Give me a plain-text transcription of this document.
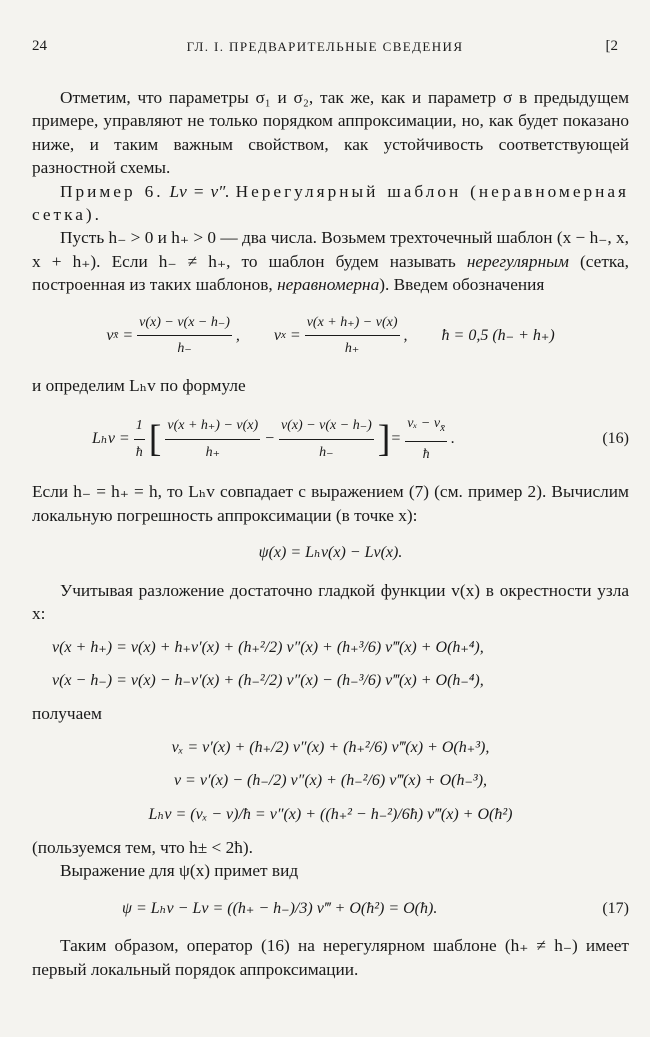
24	ГЛ. I. ПРЕДВАРИТЕЛЬНЫЕ СВЕДЕНИЯ	[2

Отметим, что параметры σ₁ и σ₂, так же, как и параметр σ в предыдущем примере, управляют не только порядком аппроксимации, но, как будет показано ниже, и таким важным свойством, как устойчивость соответствующей разностной схемы.

Пример 6. Lv = v″. Нерегулярный шаблон (неравномерная сетка).

Пусть h₋ > 0 и h₊ > 0 — два числа. Возьмем трехточечный шаблон (x − h₋, x, x + h₊). Если h₋ ≠ h₊, то шаблон будем называть нерегулярным (сетка, построенная из таких шаблонов, неравномерна). Введем обозначения

v x̄ = $\frac{v(x) - v(x - h_-)}{h_-}$ , v $x = \frac{v(x + h_+) - v(x)}{h_+}$ , ħ = 0,5 (h₋ + h₊)

и определим Lₕv по формуле

$L_hv = \frac{1}{ħ}$ [ $\frac{v(x + h_+) - v(x)}{h_+} - \frac{v(x) - v(x - h_-)}{h_-}$ ] = $\frac{v_x - v_{x̄}}{ħ}$ .	(16)

Если h₋ = h₊ = h, то Lₕv совпадает с выражением (7) (см. пример 2). Вычислим локальную погрешность аппроксимации (в точке x):

ψ(x) = Lₕv(x) − Lv(x).

Учитывая разложение достаточно гладкой функции v(x) в окрестности узла x:

v(x + h₊) = v(x) + h₊v′(x) + (h₊²/2) v″(x) + (h₊³/6) v‴(x) + O(h₊⁴),
v(x − h₋) = v(x) − h₋v′(x) + (h₋²/2) v″(x) − (h₋³/6) v‴(x) + O(h₋⁴),

получаем

vₓ = v′(x) + (h₊/2) v″(x) + (h₊²/6) v‴(x) + O(h₊³),
v = v′(x) − (h₋/2) v″(x) + (h₋²/6) v‴(x) + O(h₋³),
Lₕv = (vₓ − v)/ħ = v″(x) + ((h₊² − h₋²)/6ħ) v‴(x) + O(ħ²)

(пользуемся тем, что h± < 2ħ).

Выражение для ψ(x) примет вид

ψ = Lₕv − Lv = ((h₊ − h₋)/3) v‴ + O(ħ²) = O(ħ).	(17)

Таким образом, оператор (16) на нерегулярном шаблоне (h₊ ≠ h₋) имеет первый локальный порядок аппроксимации.
